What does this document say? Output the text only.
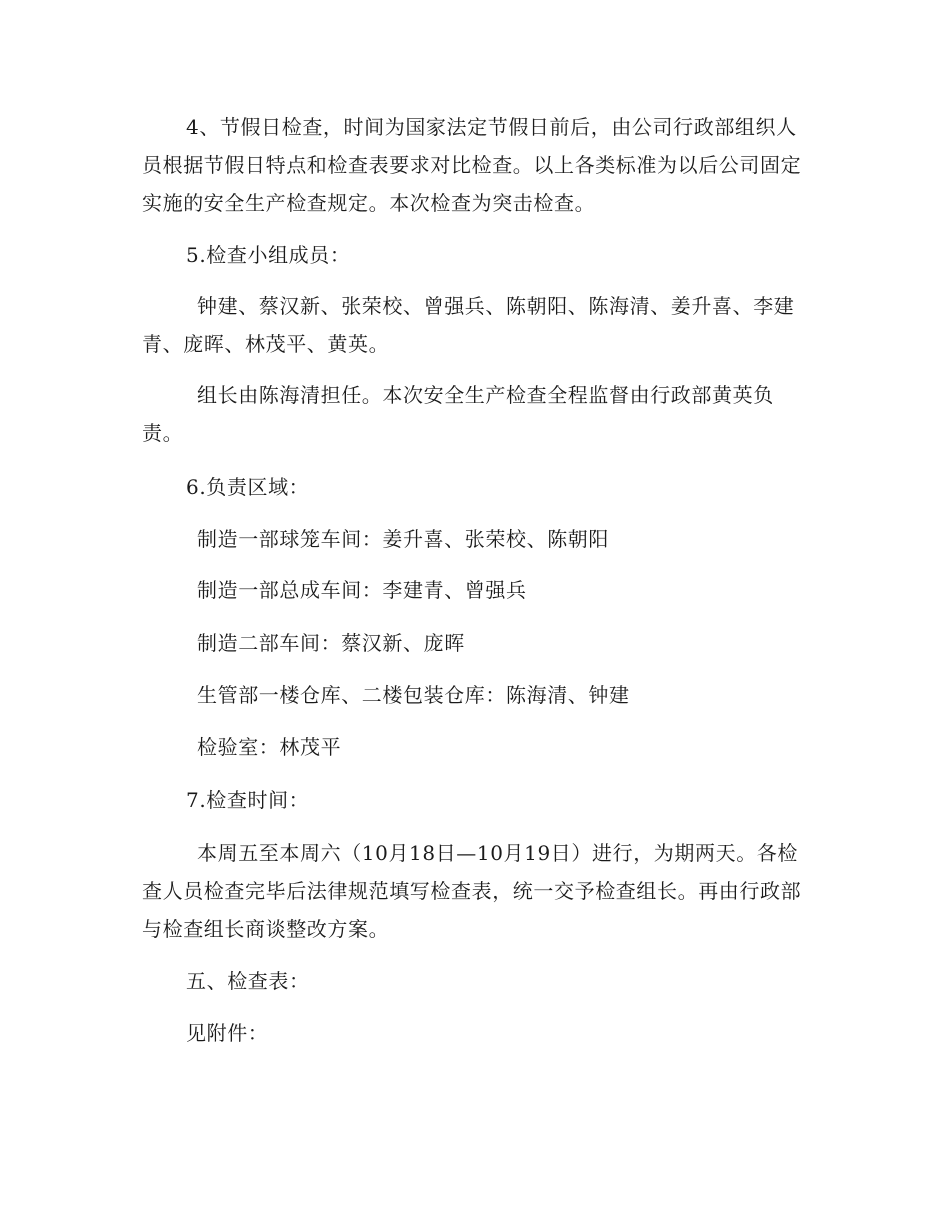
4、节假日检查，时间为国家法定节假日前后，由公司行政部组织人员根据节假日特点和检查表要求对比检查。以上各类标准为以后公司固定实施的安全生产检查规定。本次检查为突击检查。

5.检查小组成员：

钟建、蔡汉新、张荣校、曾强兵、陈朝阳、陈海清、姜升喜、李建青、庞晖、林茂平、黄英。

组长由陈海清担任。本次安全生产检查全程监督由行政部黄英负责。

6.负责区域：

制造一部球笼车间：姜升喜、张荣校、陈朝阳

制造一部总成车间：李建青、曾强兵

制造二部车间：蔡汉新、庞晖

生管部一楼仓库、二楼包装仓库：陈海清、钟建

检验室：林茂平

7.检查时间：

本周五至本周六（10月18日—10月19日）进行，为期两天。各检查人员检查完毕后法律规范填写检查表，统一交予检查组长。再由行政部与检查组长商谈整改方案。

五、检查表：

见附件：
